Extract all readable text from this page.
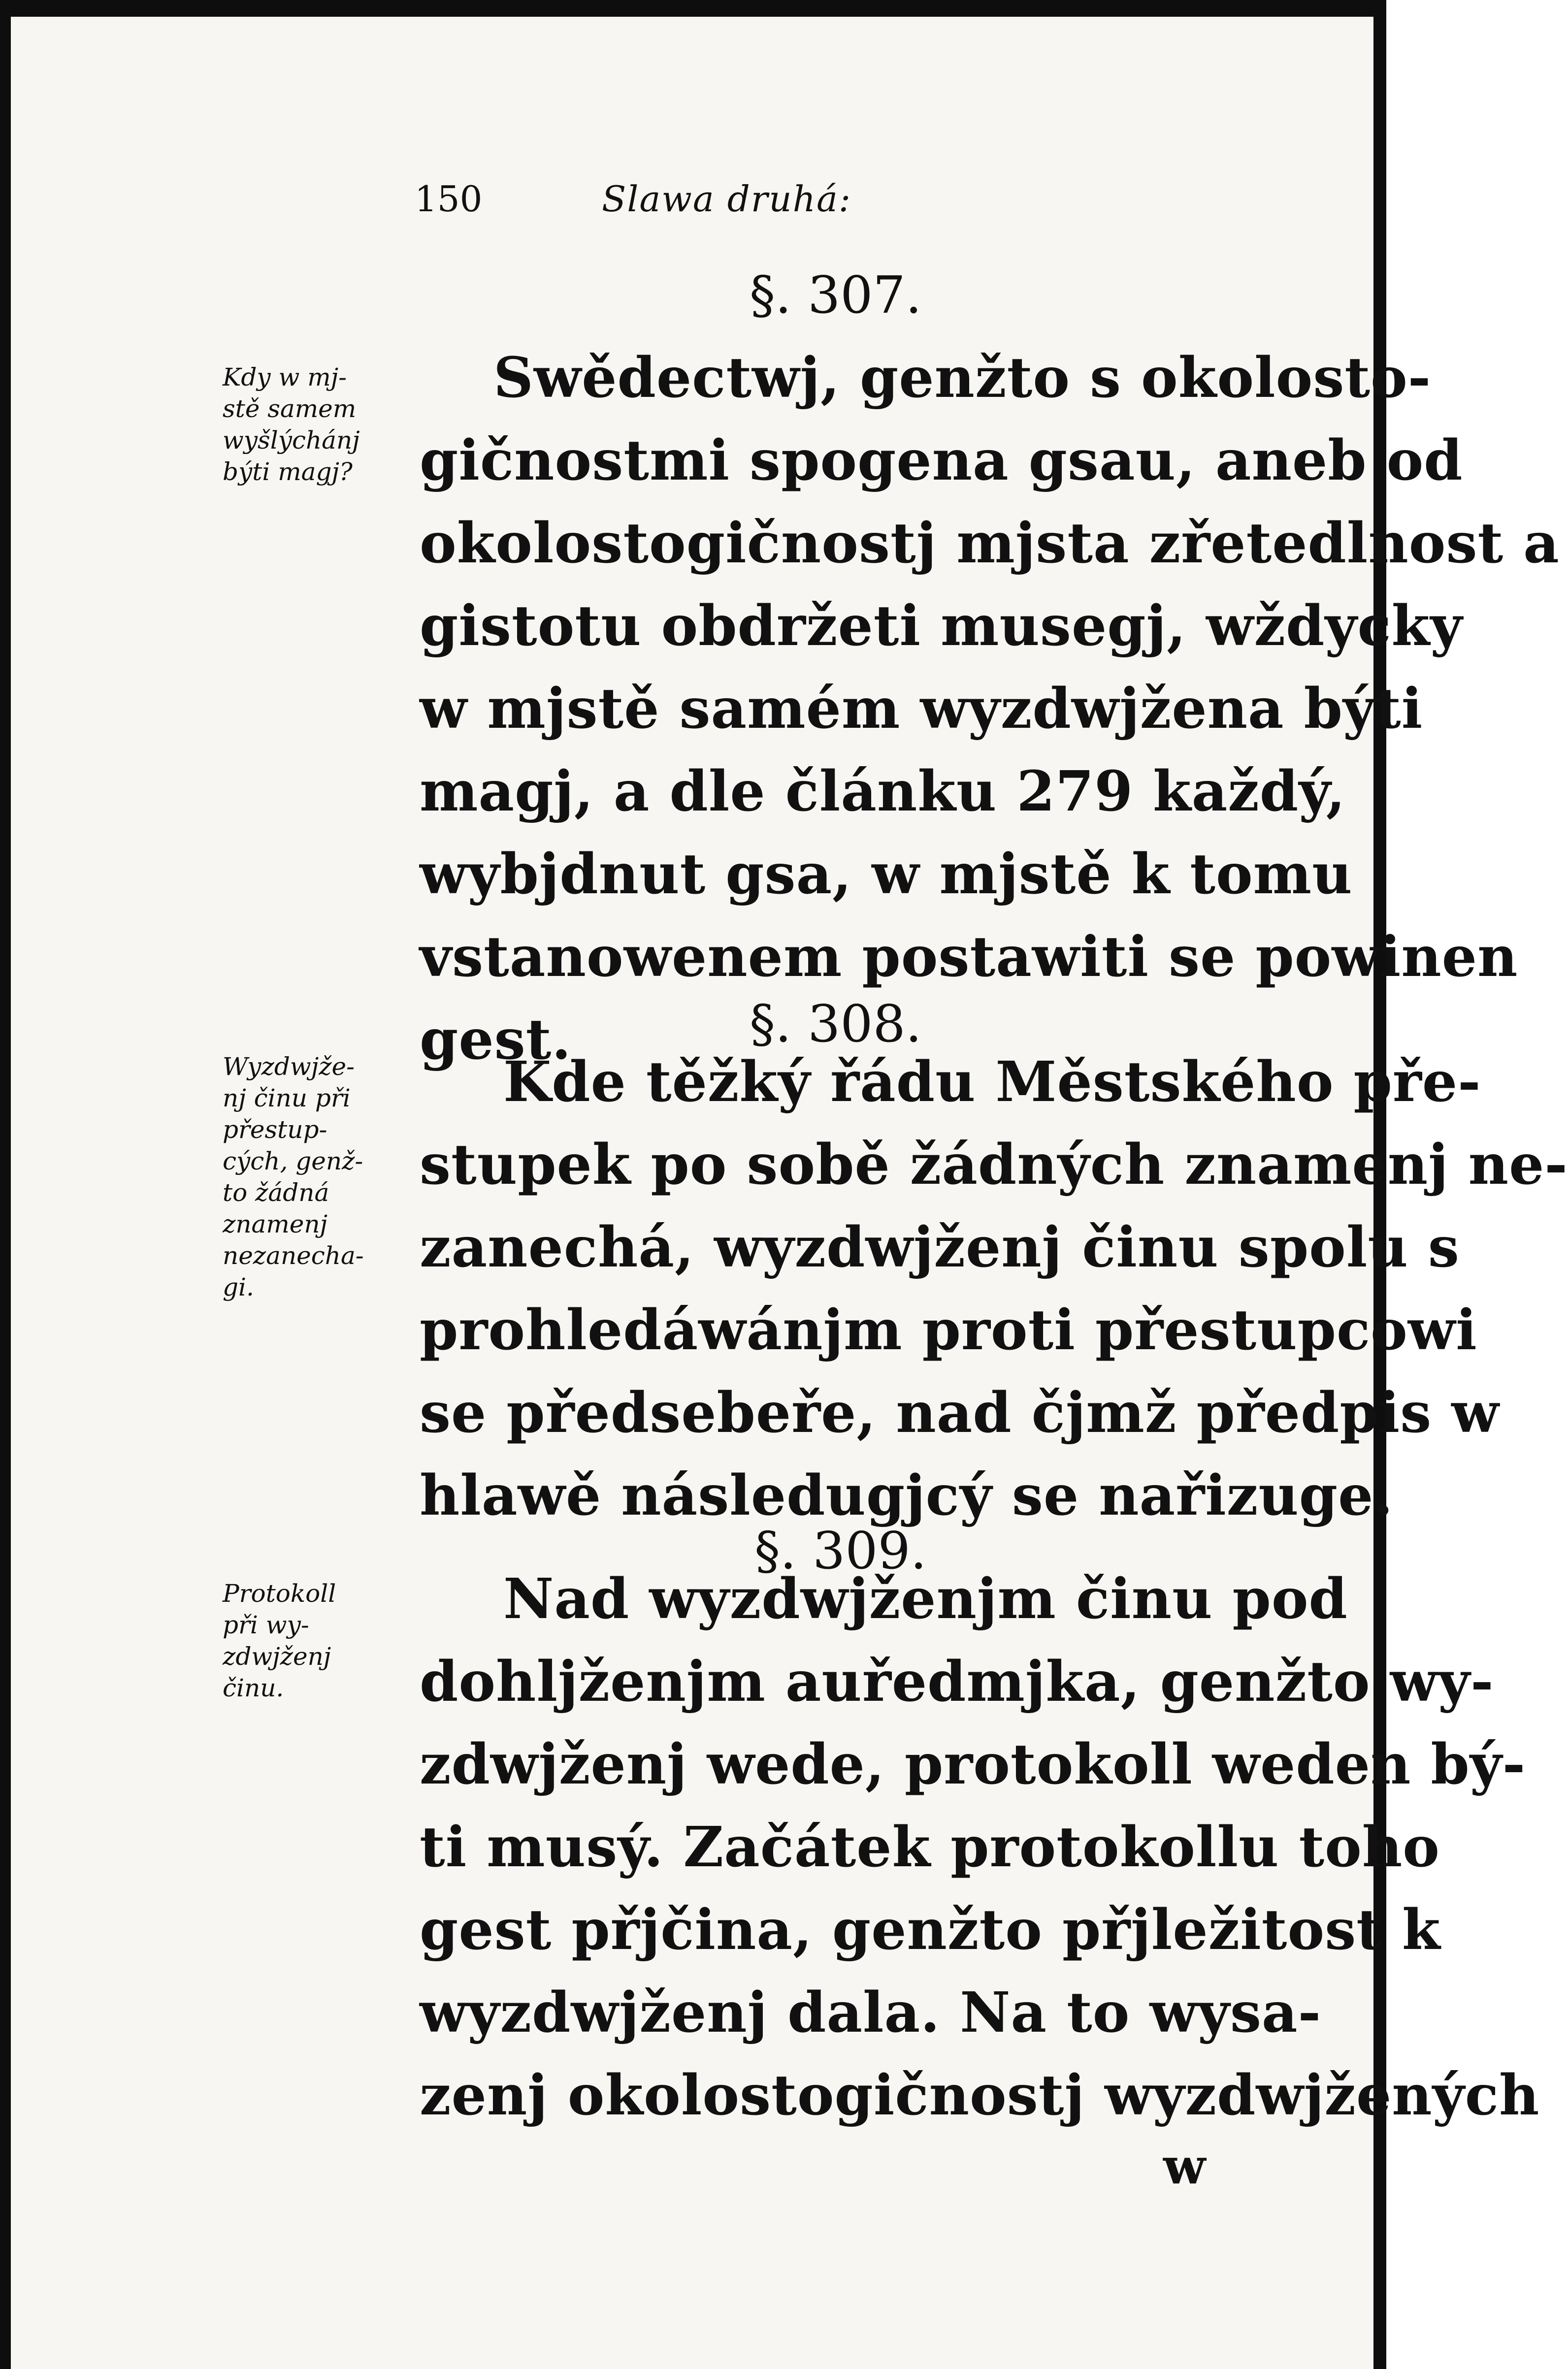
150	Slawa druhá:
§. 307.
Kdy w mj-
stě samem
wyšlýchánj
býti magj?
Swědectwj, genžto s okolosto-
gičnostmi spogena gsau, aneb od
okolostogičnostj mjsta zřetedlnost a
gistotu obdržeti musegj, wždycky
w mjstě samém wyzdwjžena býti
magj, a dle článku 279 každý,
wybjdnut gsa, w mjstě k tomu
vstanowenem postawiti se powinen
gest.	§. 308.
Wyzdwjže-
nj činu při
přestup-
cých, genž-
to žádná
znamenj
nezanecha-
gi.
Kde těžký řádu Městského pře-
stupek po sobě žádných znamenj ne-
zanechá, wyzdwjženj činu spolu s
prohledáwánjm proti přestupcowi
se předsebeře, nad čjmž předpis w
hlawě následugjcý se nařizuge.
§. 309.
Protokoll
při wy-
zdwjženj
činu.
Nad wyzdwjženjm činu pod
dohljženjm auředmjka, genžto wy-
zdwjženj wede, protokoll weden bý-
ti musý. Začátek protokollu toho
gest přjčina, genžto přjležitost k
wyzdwjženj dala. Na to wysa-
zenj okolostogičnostj wyzdwjžených
w
